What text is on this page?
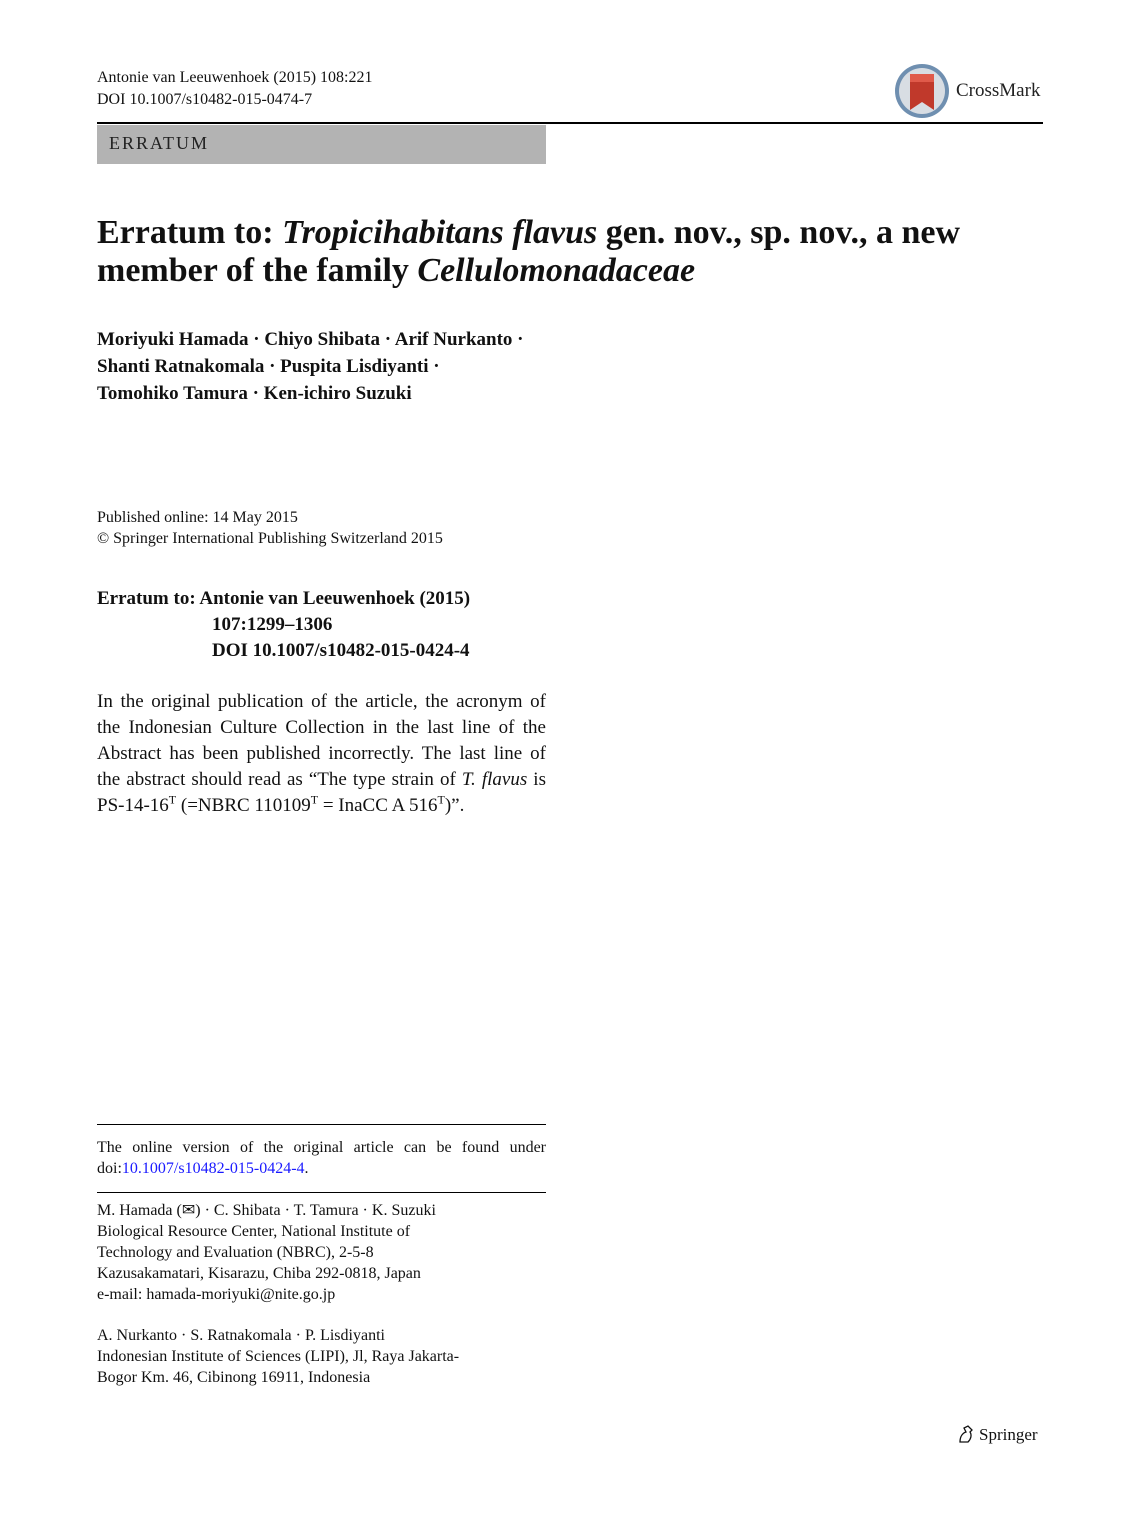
Antonie van Leeuwenhoek (2015) 108:221
DOI 10.1007/s10482-015-0474-7	CrossMark
ERRATUM
Erratum to: Tropicihabitans flavus gen. nov., sp. nov., a new member of the family Cellulomonadaceae
Moriyuki Hamada · Chiyo Shibata · Arif Nurkanto ·
Shanti Ratnakomala · Puspita Lisdiyanti ·
Tomohiko Tamura · Ken-ichiro Suzuki
Published online: 14 May 2015
© Springer International Publishing Switzerland 2015
Erratum to: Antonie van Leeuwenhoek (2015)
107:1299–1306
DOI 10.1007/s10482-015-0424-4
In the original publication of the article, the acronym of the Indonesian Culture Collection in the last line of the Abstract has been published incorrectly. The last line of the abstract should read as “The type strain of T. flavus is $PS-14-16^T$ (=NBRC $110109^T$ = InaCC A $516^T$)”.
The online version of the original article can be found under doi:10.1007/s10482-015-0424-4.
M. Hamada (✉) · C. Shibata · T. Tamura · K. Suzuki
Biological Resource Center, National Institute of
Technology and Evaluation (NBRC), 2-5-8
Kazusakamatari, Kisarazu, Chiba 292-0818, Japan
e-mail: hamada-moriyuki@nite.go.jp
A. Nurkanto · S. Ratnakomala · P. Lisdiyanti
Indonesian Institute of Sciences (LIPI), Jl, Raya Jakarta-
Bogor Km. 46, Cibinong 16911, Indonesia
Springer
